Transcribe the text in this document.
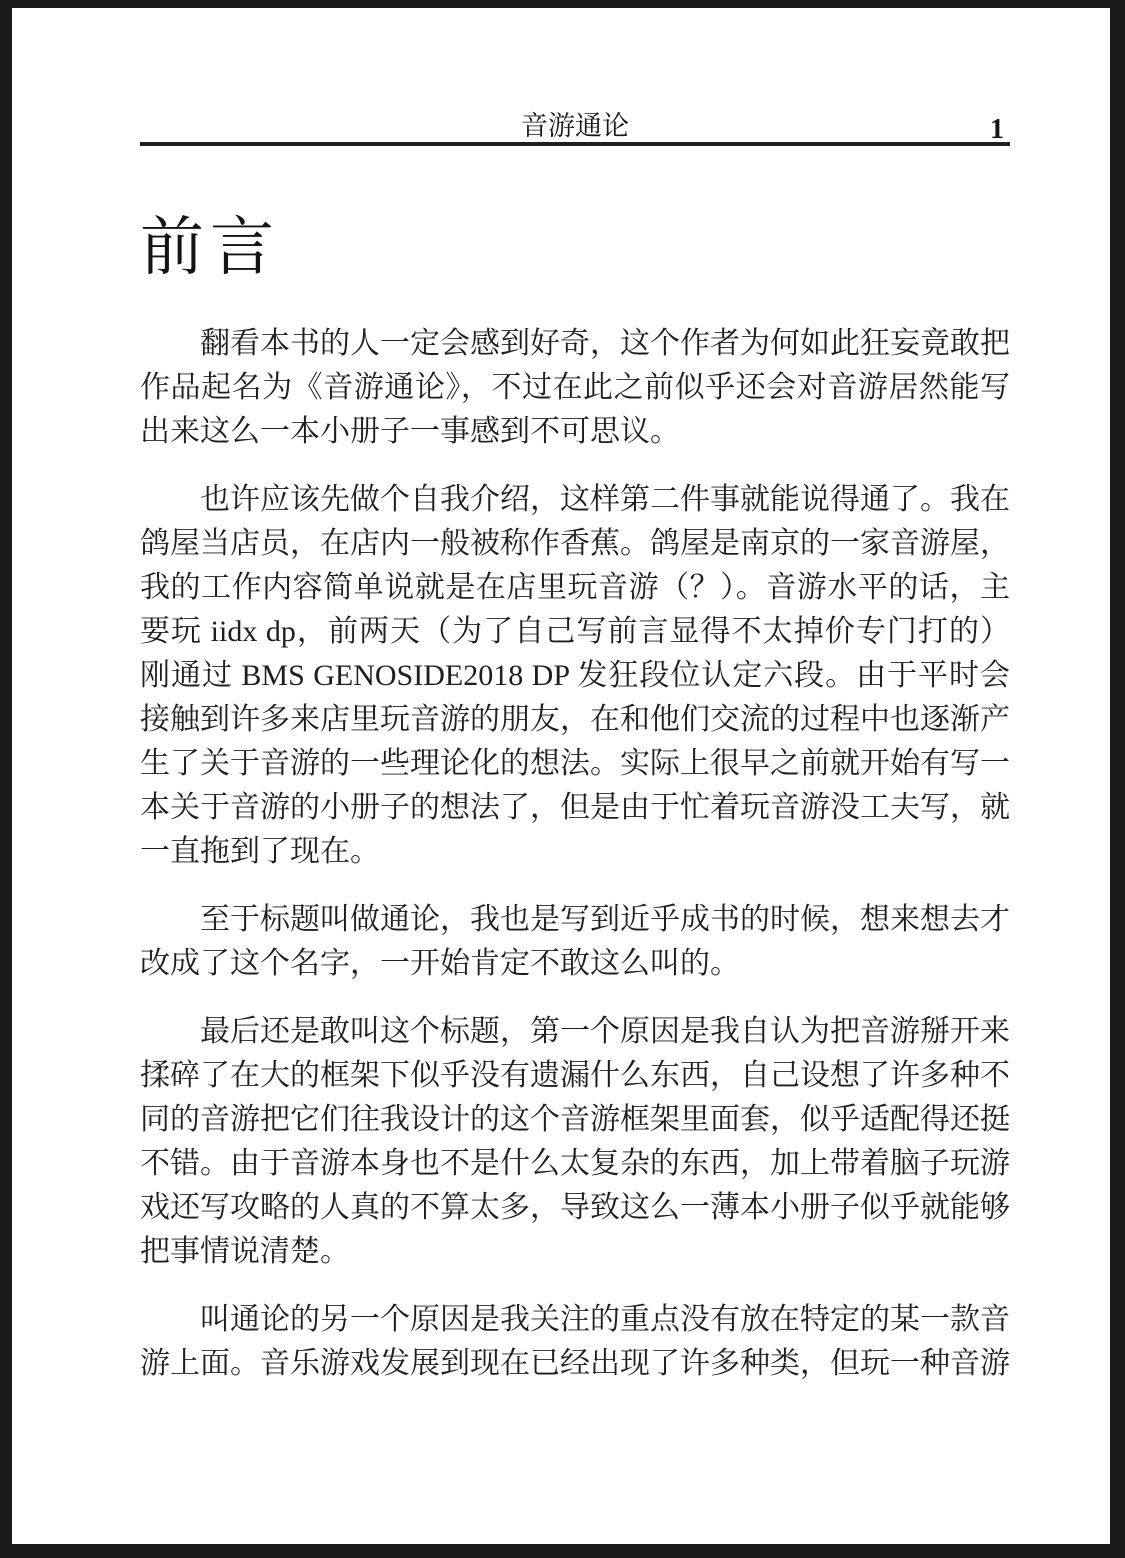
音游通论	1
前言

翻看本书的人一定会感到好奇，这个作者为何如此狂妄竟敢把作品起名为《音游通论》，不过在此之前似乎还会对音游居然能写出来这么一本小册子一事感到不可思议。

也许应该先做个自我介绍，这样第二件事就能说得通了。我在鸽屋当店员，在店内一般被称作香蕉。鸽屋是南京的一家音游屋，我的工作内容简单说就是在店里玩音游（？）。音游水平的话，主要玩 iidx dp，前两天（为了自己写前言显得不太掉价专门打的）刚通过 BMS GENOSIDE2018 DP 发狂段位认定六段。由于平时会接触到许多来店里玩音游的朋友，在和他们交流的过程中也逐渐产生了关于音游的一些理论化的想法。实际上很早之前就开始有写一本关于音游的小册子的想法了，但是由于忙着玩音游没工夫写，就一直拖到了现在。

至于标题叫做通论，我也是写到近乎成书的时候，想来想去才改成了这个名字，一开始肯定不敢这么叫的。

最后还是敢叫这个标题，第一个原因是我自认为把音游掰开来揉碎了在大的框架下似乎没有遗漏什么东西，自己设想了许多种不同的音游把它们往我设计的这个音游框架里面套，似乎适配得还挺不错。由于音游本身也不是什么太复杂的东西，加上带着脑子玩游戏还写攻略的人真的不算太多，导致这么一薄本小册子似乎就能够把事情说清楚。

叫通论的另一个原因是我关注的重点没有放在特定的某一款音游上面。音乐游戏发展到现在已经出现了许多种类，但玩一种音游
